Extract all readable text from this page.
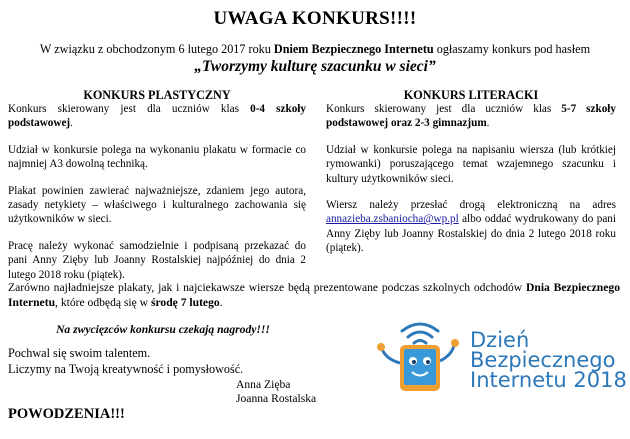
UWAGA KONKURS!!!!
W związku z obchodzonym 6 lutego 2017 roku Dniem Bezpiecznego Internetu ogłaszamy konkurs pod hasłem
„Tworzymy kulturę szacunku w sieci”
KONKURS PLASTYCZNY

Konkurs skierowany jest dla uczniów klas 0-4 szkoły podstawowej.

Udział w konkursie polega na wykonaniu plakatu w formacie co najmniej A3 dowolną techniką.

Plakat powinien zawierać najważniejsze, zdaniem jego autora, zasady netykiety – właściwego i kulturalnego zachowania się użytkowników w sieci.

Pracę należy wykonać samodzielnie i podpisaną przekazać do pani Anny Zięby lub Joanny Rostalskiej najpóźniej do dnia 2 lutego 2018 roku (piątek).

KONKURS LITERACKI

Konkurs skierowany jest dla uczniów klas 5-7 szkoły podstawowej oraz 2-3 gimnazjum.

Udział w konkursie polega na napisaniu wiersza (lub krótkiej rymowanki) poruszającego temat wzajemnego szacunku i kultury użytkowników sieci.

Wiersz należy przesłać drogą elektroniczną na adres annazieba.zsbaniocha@wp.pl albo oddać wydrukowany do pani Anny Zięby lub Joanny Rostalskiej do dnia 2 lutego 2018 roku (piątek).

Zarówno najładniejsze plakaty, jak i najciekawsze wiersze będą prezentowane podczas szkolnych odchodów Dnia Bezpiecznego Internetu, które odbędą się w środę 7 lutego.
Na zwycięzców konkursu czekają nagrody!!!
Pochwal się swoim talentem.
Liczymy na Twoją kreatywność i pomysłowość.
Anna Zięba
Joanna Rostalska
POWODZENIA!!!
Dzień
Bezpiecznego
Internetu 2018
